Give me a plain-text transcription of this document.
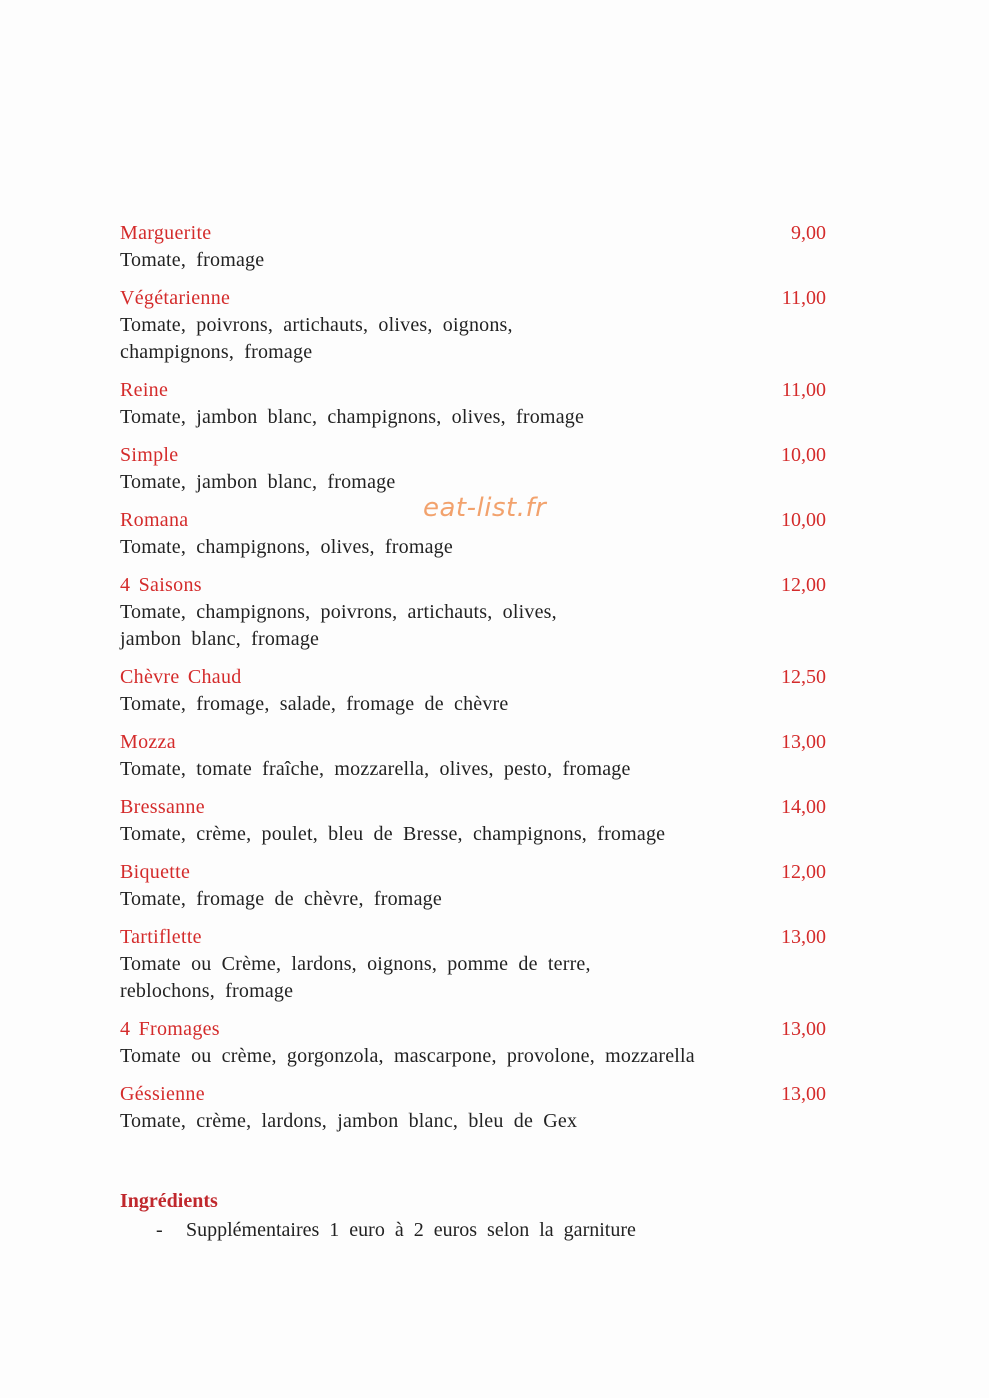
Marguerite	9,00
Tomate, fromage
Végétarienne	11,00
Tomate, poivrons, artichauts, olives, oignons, champignons, fromage
Reine	11,00
Tomate, jambon blanc, champignons, olives, fromage
Simple	10,00
Tomate, jambon blanc, fromage
Romana	10,00
Tomate, champignons, olives, fromage
4 Saisons	12,00
Tomate, champignons, poivrons, artichauts, olives, jambon blanc, fromage
Chèvre Chaud	12,50
Tomate, fromage, salade, fromage de chèvre
Mozza	13,00
Tomate, tomate fraîche, mozzarella, olives, pesto, fromage
Bressanne	14,00
Tomate, crème, poulet, bleu de Bresse, champignons, fromage
Biquette	12,00
Tomate, fromage de chèvre, fromage
Tartiflette	13,00
Tomate ou Crème, lardons, oignons, pomme de terre, reblochons, fromage
4 Fromages	13,00
Tomate ou crème, gorgonzola, mascarpone, provolone, mozzarella
Géssienne	13,00
Tomate, crème, lardons, jambon blanc, bleu de Gex
eat-list.fr
Ingrédients
- Supplémentaires 1 euro à 2 euros selon la garniture
